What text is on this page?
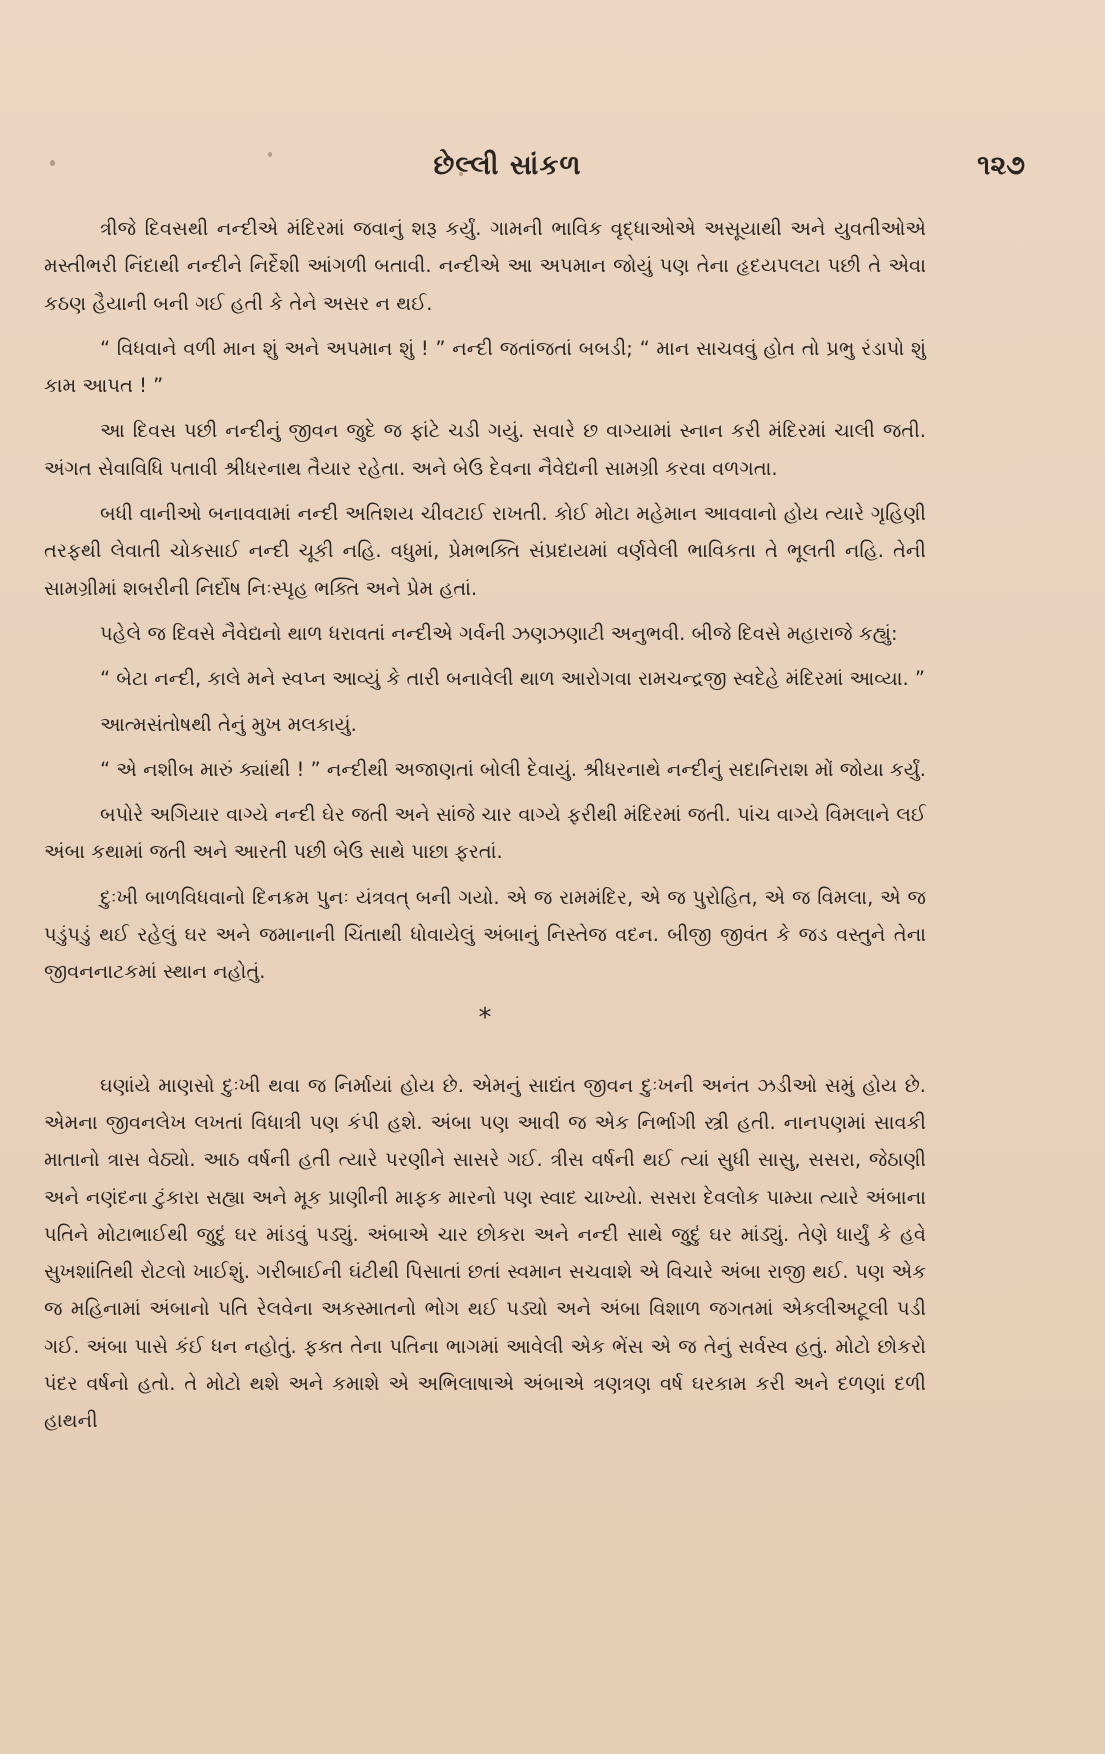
છેલ્લી સાંકળ	૧૨૭

ત્રીજે દિવસથી નન્દીએ મંદિરમાં જવાનું શરૂ કર્યું. ગામની ભાવિક વૃદ્ધાઓએ અસૂયાથી અને યુવતીઓએ મસ્તીભરી નિંદાથી નન્દીને નિર્દેશી આંગળી બતાવી. નન્દીએ આ અપમાન જોયું પણ તેના હૃદયપલટા પછી તે એવા કઠણ હૈયાની બની ગઈ હતી કે તેને અસર ન થઈ.

“ વિધવાને વળી માન શું અને અપમાન શું ! ” નન્દી જતાંજતાં બબડી; “ માન સાચવવું હોત તો પ્રભુ રંડાપો શું કામ આપત ! ”

આ દિવસ પછી નન્દીનું જીવન જુદે જ ફાંટે ચડી ગયું. સવારે છ વાગ્યામાં સ્નાન કરી મંદિરમાં ચાલી જતી. અંગત સેવાવિધિ પતાવી શ્રીધરનાથ તૈયાર રહેતા. અને બેઉ દેવના નૈવેદ્યની સામગ્રી કરવા વળગતા.

બધી વાનીઓ બનાવવામાં નન્દી અતિશય ચીવટાઈ રાખતી. કોઈ મોટા મહેમાન આવવાનો હોય ત્યારે ગૃહિણી તરફથી લેવાતી ચોકસાઈ નન્દી ચૂકી નહિ. વધુમાં, પ્રેમભક્તિ સંપ્રદાયમાં વર્ણવેલી ભાવિકતા તે ભૂલતી નહિ. તેની સામગ્રીમાં શબરીની નિર્દોષ નિઃસ્પૃહ ભક્તિ અને પ્રેમ હતાં.

પહેલે જ દિવસે નૈવેદ્યનો થાળ ધરાવતાં નન્દીએ ગર્વની ઝણઝણાટી અનુભવી. બીજે દિવસે મહારાજે કહ્યું:

“ બેટા નન્દી, કાલે મને સ્વપ્ન આવ્યું કે તારી બનાવેલી થાળ આરોગવા રામચન્દ્રજી સ્વદેહે મંદિરમાં આવ્યા. ”

આત્મસંતોષથી તેનું મુખ મલકાયું.

“ એ નશીબ મારું ક્યાંથી ! ” નન્દીથી અજાણતાં બોલી દેવાયું. શ્રીધરનાથે નન્દીનું સદાનિરાશ મોં જોયા કર્યું.

બપોરે અગિયાર વાગ્યે નન્દી ઘેર જતી અને સાંજે ચાર વાગ્યે ફરીથી મંદિરમાં જતી. પાંચ વાગ્યે વિમલાને લઈ અંબા કથામાં જતી અને આરતી પછી બેઉ સાથે પાછા ફરતાં.

દુઃખી બાળવિધવાનો દિનક્રમ પુનઃ યંત્રવત્ બની ગયો. એ જ રામમંદિર, એ જ પુરોહિત, એ જ વિમલા, એ જ પડુંપડું થઈ રહેલું ઘર અને જમાનાની ચિંતાથી ધોવાયેલું અંબાનું નિસ્તેજ વદન. બીજી જીવંત કે જડ વસ્તુને તેના જીવનનાટકમાં સ્થાન નહોતું.

*

ઘણાંયે માણસો દુઃખી થવા જ નિર્માયાં હોય છે. એમનું સાદ્યંત જીવન દુઃખની અનંત ઝડીઓ સમું હોય છે. એમના જીવનલેખ લખતાં વિધાત્રી પણ કંપી હશે. અંબા પણ આવી જ એક નિર્ભાગી સ્ત્રી હતી. નાનપણમાં સાવકી માતાનો ત્રાસ વેઠ્યો. આઠ વર્ષની હતી ત્યારે પરણીને સાસરે ગઈ. ત્રીસ વર્ષની થઈ ત્યાં સુધી સાસુ, સસરા, જેઠાણી અને નણંદના ટુંકારા સહ્યા અને મૂક પ્રાણીની માફક મારનો પણ સ્વાદ ચાખ્યો. સસરા દેવલોક પામ્યા ત્યારે અંબાના પતિને મોટાભાઈથી જુદું ઘર માંડવું પડ્યું. અંબાએ ચાર છોકરા અને નન્દી સાથે જુદું ઘર માંડ્યું. તેણે ધાર્યું કે હવે સુખશાંતિથી રોટલો ખાઈશું. ગરીબાઈની ઘંટીથી પિસાતાં છતાં સ્વમાન સચવાશે એ વિચારે અંબા રાજી થઈ. પણ એક જ મહિનામાં અંબાનો પતિ રેલવેના અકસ્માતનો ભોગ થઈ પડ્યો અને અંબા વિશાળ જગતમાં એકલીઅટૂલી પડી ગઈ. અંબા પાસે કંઈ ધન નહોતું. ફક્ત તેના પતિના ભાગમાં આવેલી એક ભેંસ એ જ તેનું સર્વસ્વ હતું. મોટો છોકરો પંદર વર્ષનો હતો. તે મોટો થશે અને કમાશે એ અભિલાષાએ અંબાએ ત્રણત્રણ વર્ષ ઘરકામ કરી અને દળણાં દળી હાથની
